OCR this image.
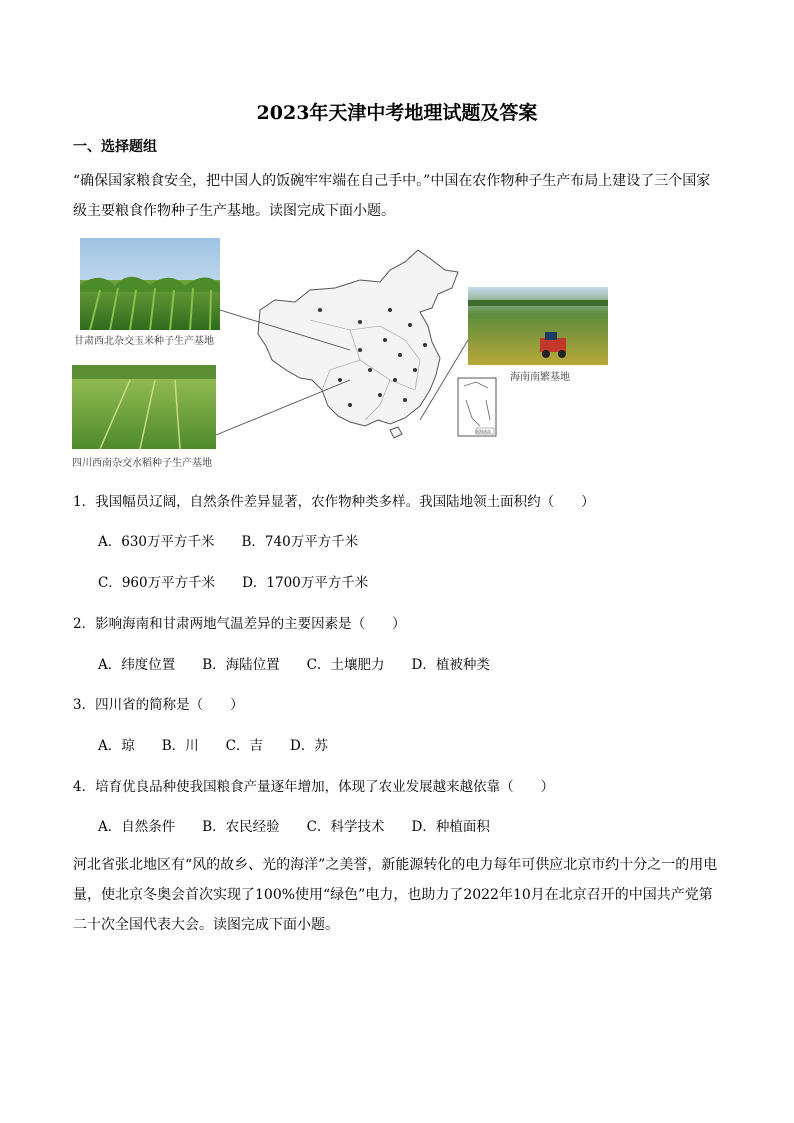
2023年天津中考地理试题及答案
一、选择题组
“确保国家粮食安全，把中国人的饭碗牢牢端在自己手中。”中国在农作物种子生产布局上建设了三个国家级主要粮食作物种子生产基地。读图完成下面小题。
甘肃西北杂交玉米种子生产基地
四川西南杂交水稻种子生产基地
海南南繁基地
南海诸岛
1．我国幅员辽阔，自然条件差异显著，农作物种类多样。我国陆地领土面积约（　　）
A．630万平方千米　　B．740万平方千米
C．960万平方千米　　D．1700万平方千米
2．影响海南和甘肃两地气温差异的主要因素是（　　）
A．纬度位置　　B．海陆位置　　C．土壤肥力　　D．植被种类
3．四川省的简称是（　　）
A．琼　　B．川　　C．吉　　D．苏
4．培育优良品种使我国粮食产量逐年增加，体现了农业发展越来越依靠（　　）
A．自然条件　　B．农民经验　　C．科学技术　　D．种植面积
河北省张北地区有“风的故乡、光的海洋”之美誉，新能源转化的电力每年可供应北京市约十分之一的用电量，使北京冬奥会首次实现了100%使用“绿色”电力，也助力了2022年10月在北京召开的中国共产党第二十次全国代表大会。读图完成下面小题。
